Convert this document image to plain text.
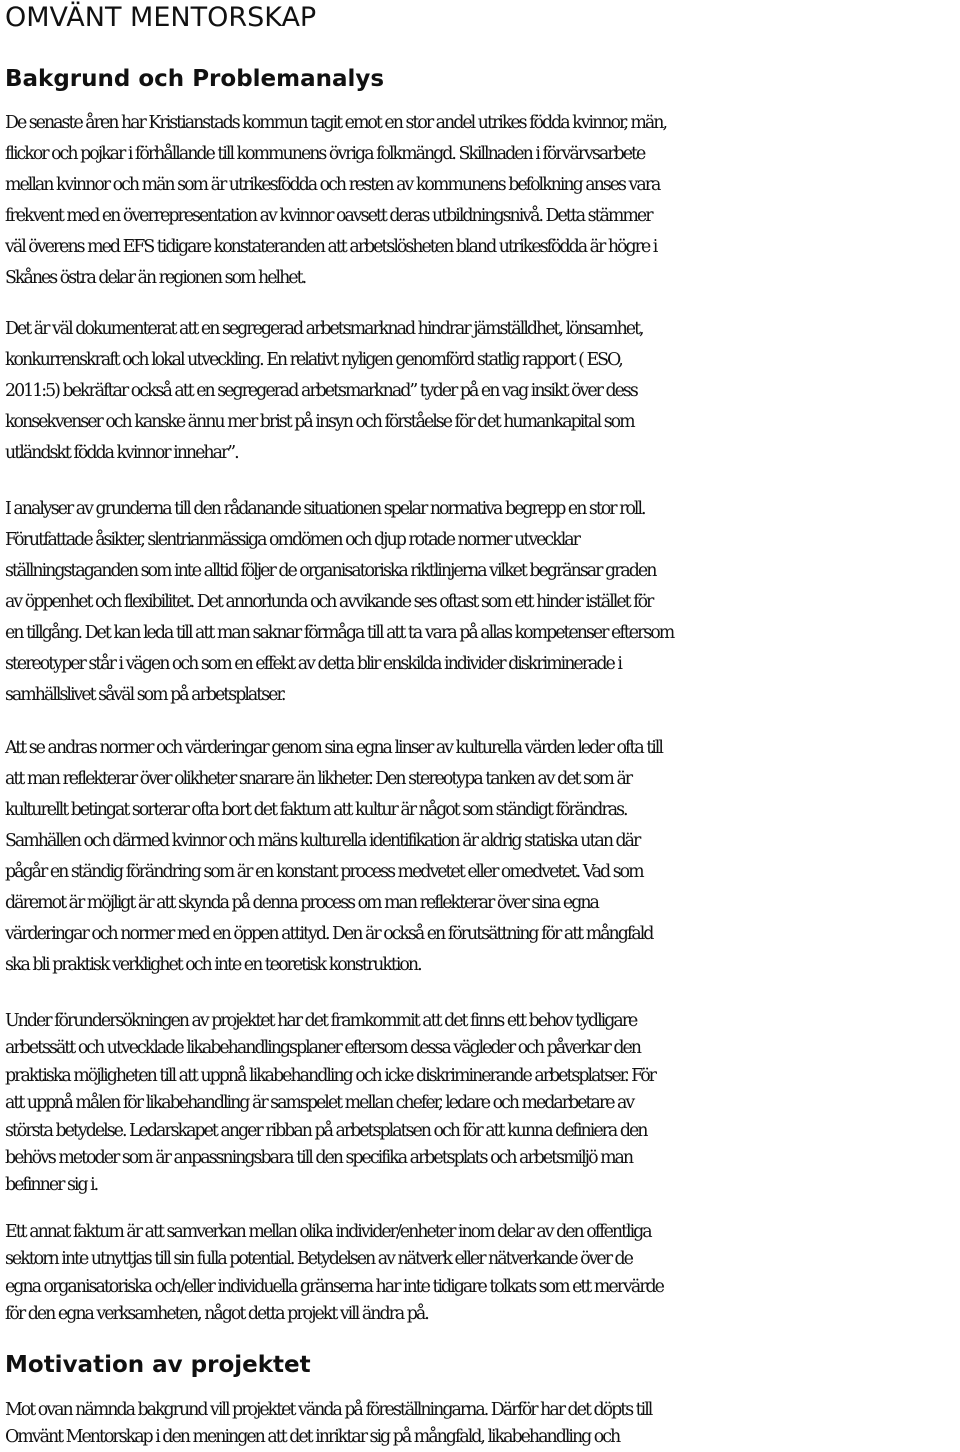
OMVÄNT MENTORSKAP
Bakgrund och Problemanalys

De senaste åren har Kristianstads kommun tagit emot en stor andel utrikes födda kvinnor, män,
flickor och pojkar i förhållande till kommunens övriga folkmängd. Skillnaden i förvärvsarbete
mellan kvinnor och män som är utrikesfödda och resten av kommunens befolkning anses vara
frekvent med en överrepresentation av kvinnor oavsett deras utbildningsnivå. Detta stämmer
väl överens med EFS tidigare konstateranden att arbetslösheten bland utrikesfödda är högre i
Skånes östra delar än regionen som helhet.

Det är väl dokumenterat att en segregerad arbetsmarknad hindrar jämställdhet, lönsamhet,
konkurrenskraft och lokal utveckling. En relativt nyligen genomförd statlig rapport ( ESO,
2011:5) bekräftar också att en segregerad arbetsmarknad” tyder på en vag insikt över dess
konsekvenser och kanske ännu mer brist på insyn och förståelse för det humankapital som
utländskt födda kvinnor innehar”.

I analyser av grunderna till den rådanande situationen spelar normativa begrepp en stor roll.
Förutfattade åsikter, slentrianmässiga omdömen och djup rotade normer utvecklar
ställningstaganden som inte alltid följer de organisatoriska riktlinjerna vilket begränsar graden
av öppenhet och flexibilitet. Det annorlunda och avvikande ses oftast som ett hinder istället för
en tillgång. Det kan leda till att man saknar förmåga till att ta vara på allas kompetenser eftersom
stereotyper står i vägen och som en effekt av detta blir enskilda individer diskriminerade i
samhällslivet såväl som på arbetsplatser.

Att se andras normer och värderingar genom sina egna linser av kulturella värden leder ofta till
att man reflekterar över olikheter snarare än likheter. Den stereotypa tanken av det som är
kulturellt betingat sorterar ofta bort det faktum att kultur är något som ständigt förändras.
Samhällen och därmed kvinnor och mäns kulturella identifikation är aldrig statiska utan där
pågår en ständig förändring som är en konstant process medvetet eller omedvetet. Vad som
däremot är möjligt är att skynda på denna process om man reflekterar över sina egna
värderingar och normer med en öppen attityd. Den är också en förutsättning för att mångfald
ska bli praktisk verklighet och inte en teoretisk konstruktion.

Under förundersökningen av projektet har det framkommit att det finns ett behov tydligare
arbetssätt och utvecklade likabehandlingsplaner eftersom dessa vägleder och påverkar den
praktiska möjligheten till att uppnå likabehandling och icke diskriminerande arbetsplatser. För
att uppnå målen för likabehandling är samspelet mellan chefer, ledare och medarbetare av
största betydelse. Ledarskapet anger ribban på arbetsplatsen och för att kunna definiera den
behövs metoder som är anpassningsbara till den specifika arbetsplats och arbetsmiljö man
befinner sig i.

Ett annat faktum är att samverkan mellan olika individer/enheter inom delar av den offentliga
sektorn inte utnyttjas till sin fulla potential. Betydelsen av nätverk eller nätverkande över de
egna organisatoriska och/eller individuella gränserna har inte tidigare tolkats som ett mervärde
för den egna verksamheten, något detta projekt vill ändra på.

Motivation av projektet

Mot ovan nämnda bakgrund vill projektet vända på föreställningarna. Därför har det döpts till
Omvänt Mentorskap i den meningen att det inriktar sig på mångfald, likabehandling och
